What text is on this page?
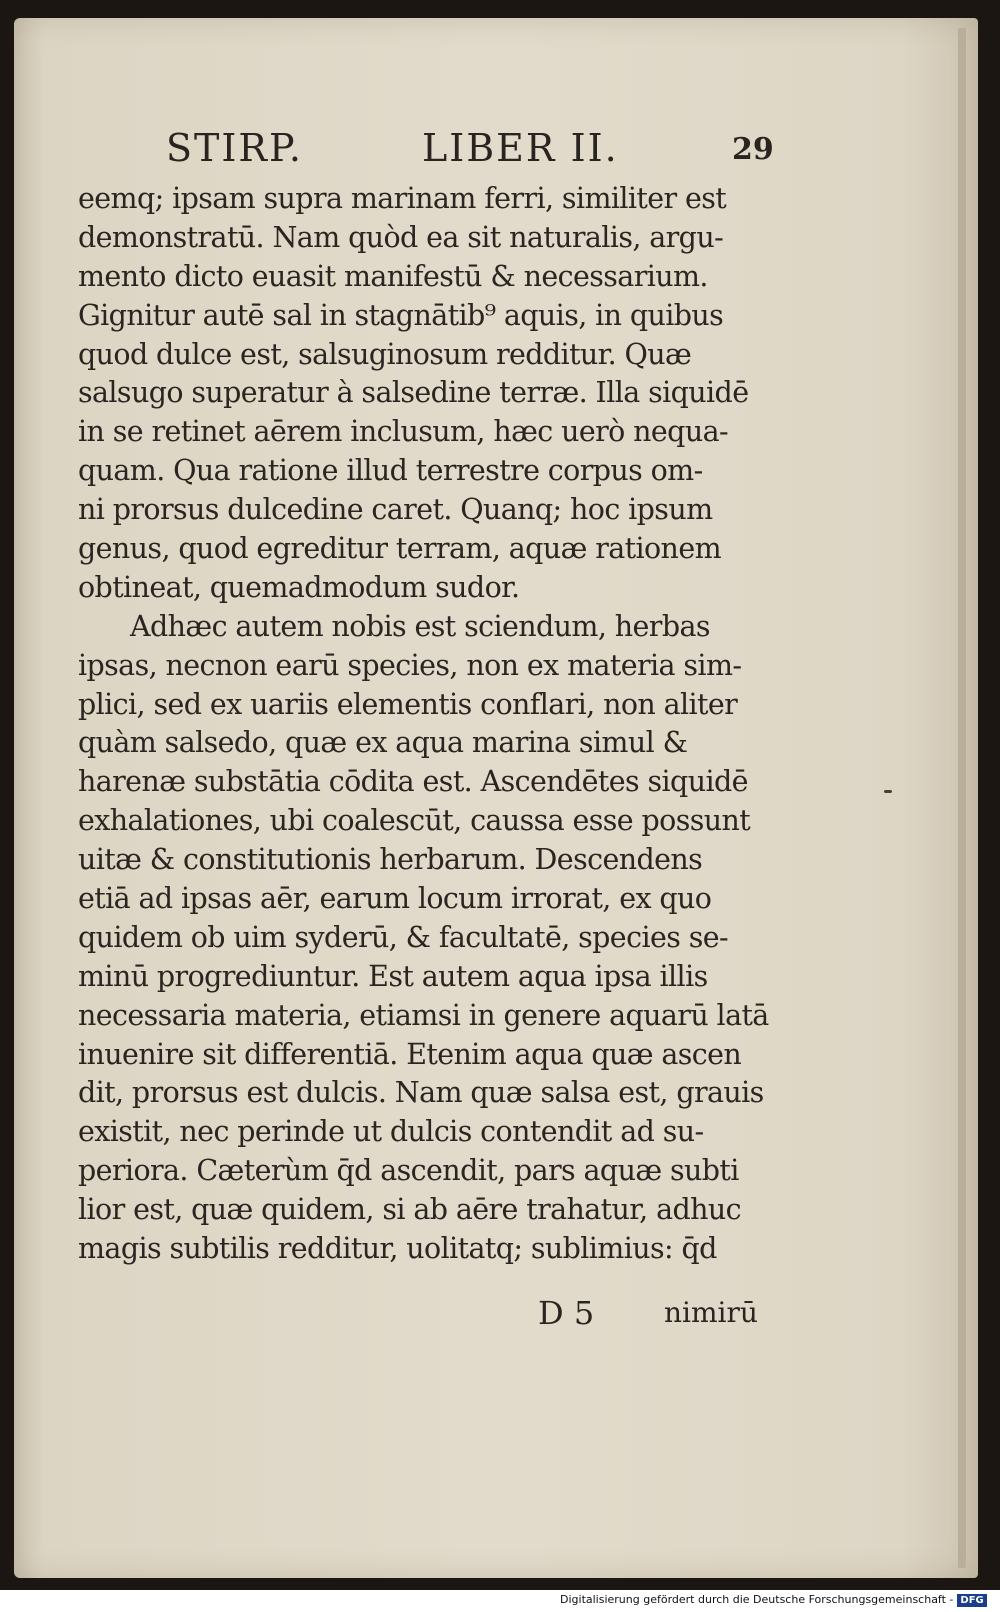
STIRP.	LIBER II.	29
eemq; ipsam supra marinam ferri, similiter est
demonstratū. Nam quòd ea sit naturalis, argu-
mento dicto euasit manifestū & necessarium.
Gignitur autē sal in stagnātib⁹ aquis, in quibus
quod dulce est, salsuginosum redditur. Quæ
salsugo superatur à salsedine terræ. Illa siquidē
in se retinet aērem inclusum, hæc uerò nequa-
quam. Qua ratione illud terrestre corpus om-
ni prorsus dulcedine caret. Quanq; hoc ipsum
genus, quod egreditur terram, aquæ rationem
obtineat, quemadmodum sudor.
Adhæc autem nobis est sciendum, herbas
ipsas, necnon earū species, non ex materia sim-
plici, sed ex uariis elementis conflari, non aliter
quàm salsedo, quæ ex aqua marina simul &
harenæ substātia cōdita est. Ascendētes siquidē
exhalationes, ubi coalescūt, caussa esse possunt
uitæ & constitutionis herbarum. Descendens
etiā ad ipsas aēr, earum locum irrorat, ex quo
quidem ob uim syderū, & facultatē, species se-
minū progrediuntur. Est autem aqua ipsa illis
necessaria materia, etiamsi in genere aquarū latā
inuenire sit differentiā. Etenim aqua quæ ascen
dit, prorsus est dulcis. Nam quæ salsa est, grauis
existit, nec perinde ut dulcis contendit ad su-
periora. Cæterùm q̄d ascendit, pars aquæ subti
lior est, quæ quidem, si ab aēre trahatur, adhuc
magis subtilis redditur, uolitatq; sublimius: q̄d
D 5 nimirū
Digitalisierung gefördert durch die Deutsche Forschungsgemeinschaft - DFG
